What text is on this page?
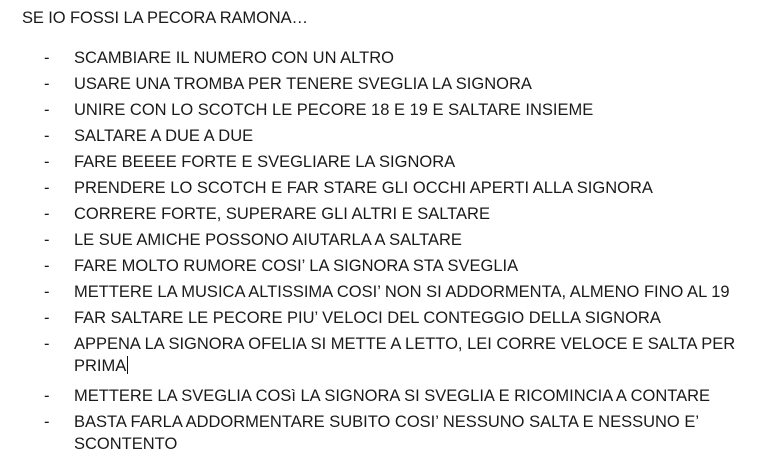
SE IO FOSSI LA PECORA RAMONA…
- SCAMBIARE IL NUMERO CON UN ALTRO
- USARE UNA TROMBA PER TENERE SVEGLIA LA SIGNORA
- UNIRE CON LO SCOTCH LE PECORE 18 E 19 E SALTARE INSIEME
- SALTARE A DUE A DUE
- FARE BEEEE FORTE E SVEGLIARE LA SIGNORA
- PRENDERE LO SCOTCH E FAR STARE GLI OCCHI APERTI ALLA SIGNORA
- CORRERE FORTE, SUPERARE GLI ALTRI E SALTARE
- LE SUE AMICHE POSSONO AIUTARLA A SALTARE
- FARE MOLTO RUMORE COSI’ LA SIGNORA STA SVEGLIA
- METTERE LA MUSICA ALTISSIMA COSI’ NON SI ADDORMENTA, ALMENO FINO AL 19
- FAR SALTARE LE PECORE PIU’ VELOCI DEL CONTEGGIO DELLA SIGNORA
- APPENA LA SIGNORA OFELIA SI METTE A LETTO, LEI CORRE VELOCE E SALTA PER PRIMA
- METTERE LA SVEGLIA COSì LA SIGNORA SI SVEGLIA E RICOMINCIA A CONTARE
- BASTA FARLA ADDORMENTARE SUBITO COSI’ NESSUNO SALTA E NESSUNO E’ SCONTENTO
